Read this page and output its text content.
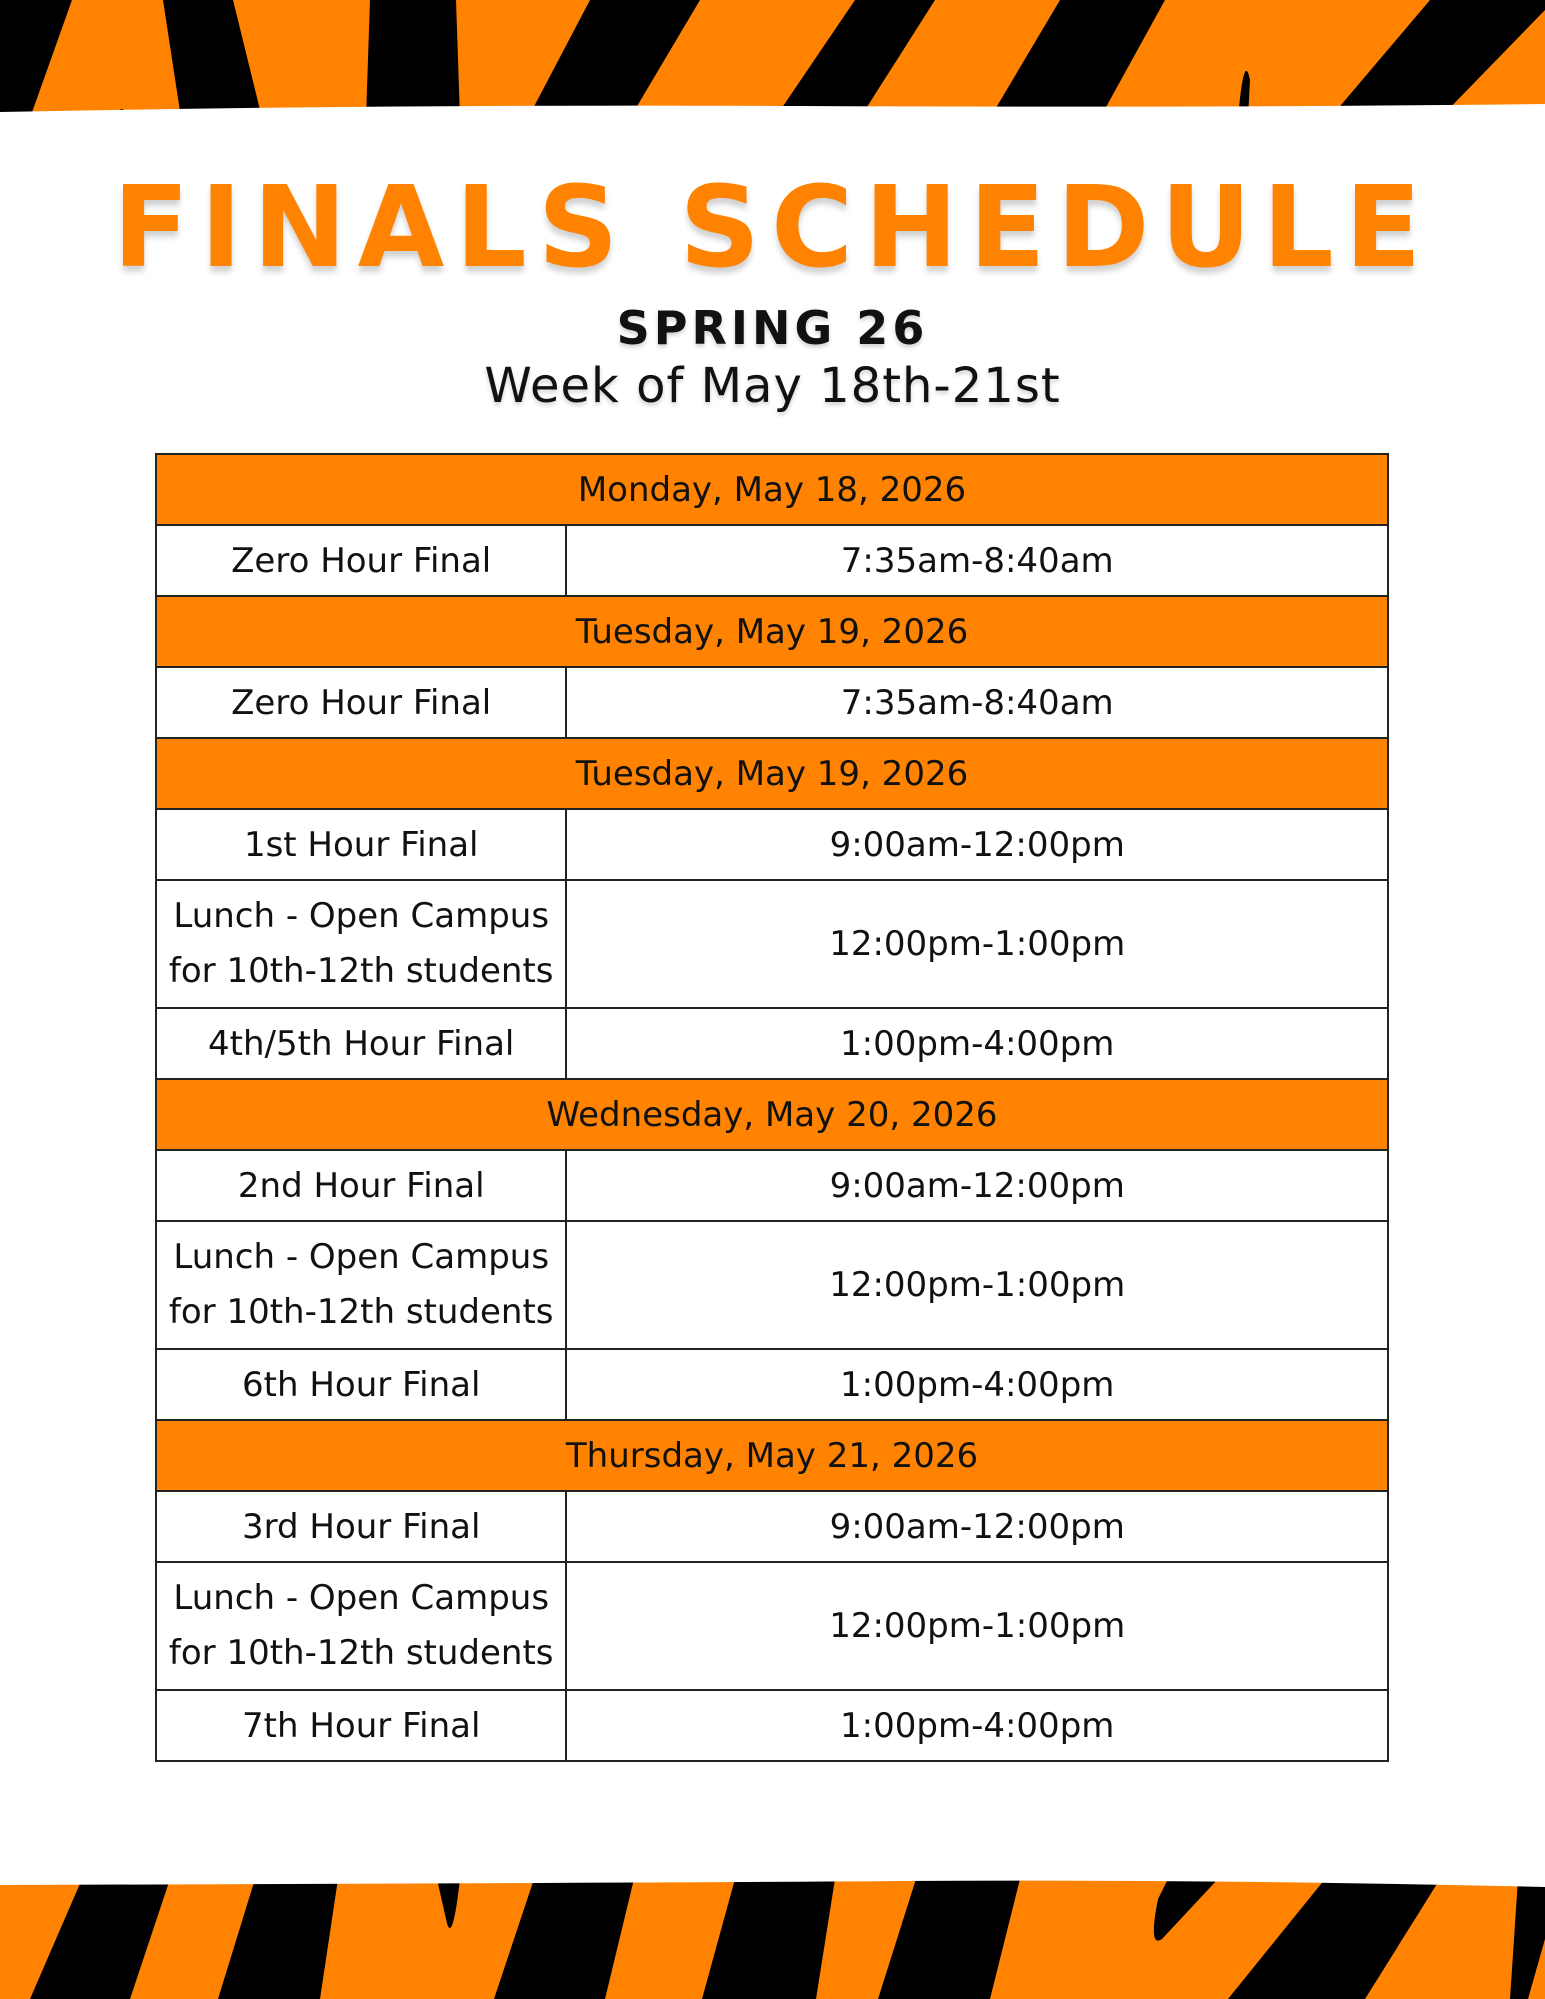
FINALS SCHEDULE
SPRING 26
Week of May 18th-21st
Monday, May 18, 2026	
Zero Hour Final	7:35am-8:40am
Tuesday, May 19, 2026	
Zero Hour Final	7:35am-8:40am
Tuesday, May 19, 2026	
1st Hour Final	9:00am-12:00pm

Lunch - Open Campus
for 10th-12th students	12:00pm-1:00pm
4th/5th Hour Final	1:00pm-4:00pm
Wednesday, May 20, 2026	
2nd Hour Final	9:00am-12:00pm

Lunch - Open Campus
for 10th-12th students	12:00pm-1:00pm
6th Hour Final	1:00pm-4:00pm
Thursday, May 21, 2026	
3rd Hour Final	9:00am-12:00pm

Lunch - Open Campus
for 10th-12th students	12:00pm-1:00pm
7th Hour Final	1:00pm-4:00pm
